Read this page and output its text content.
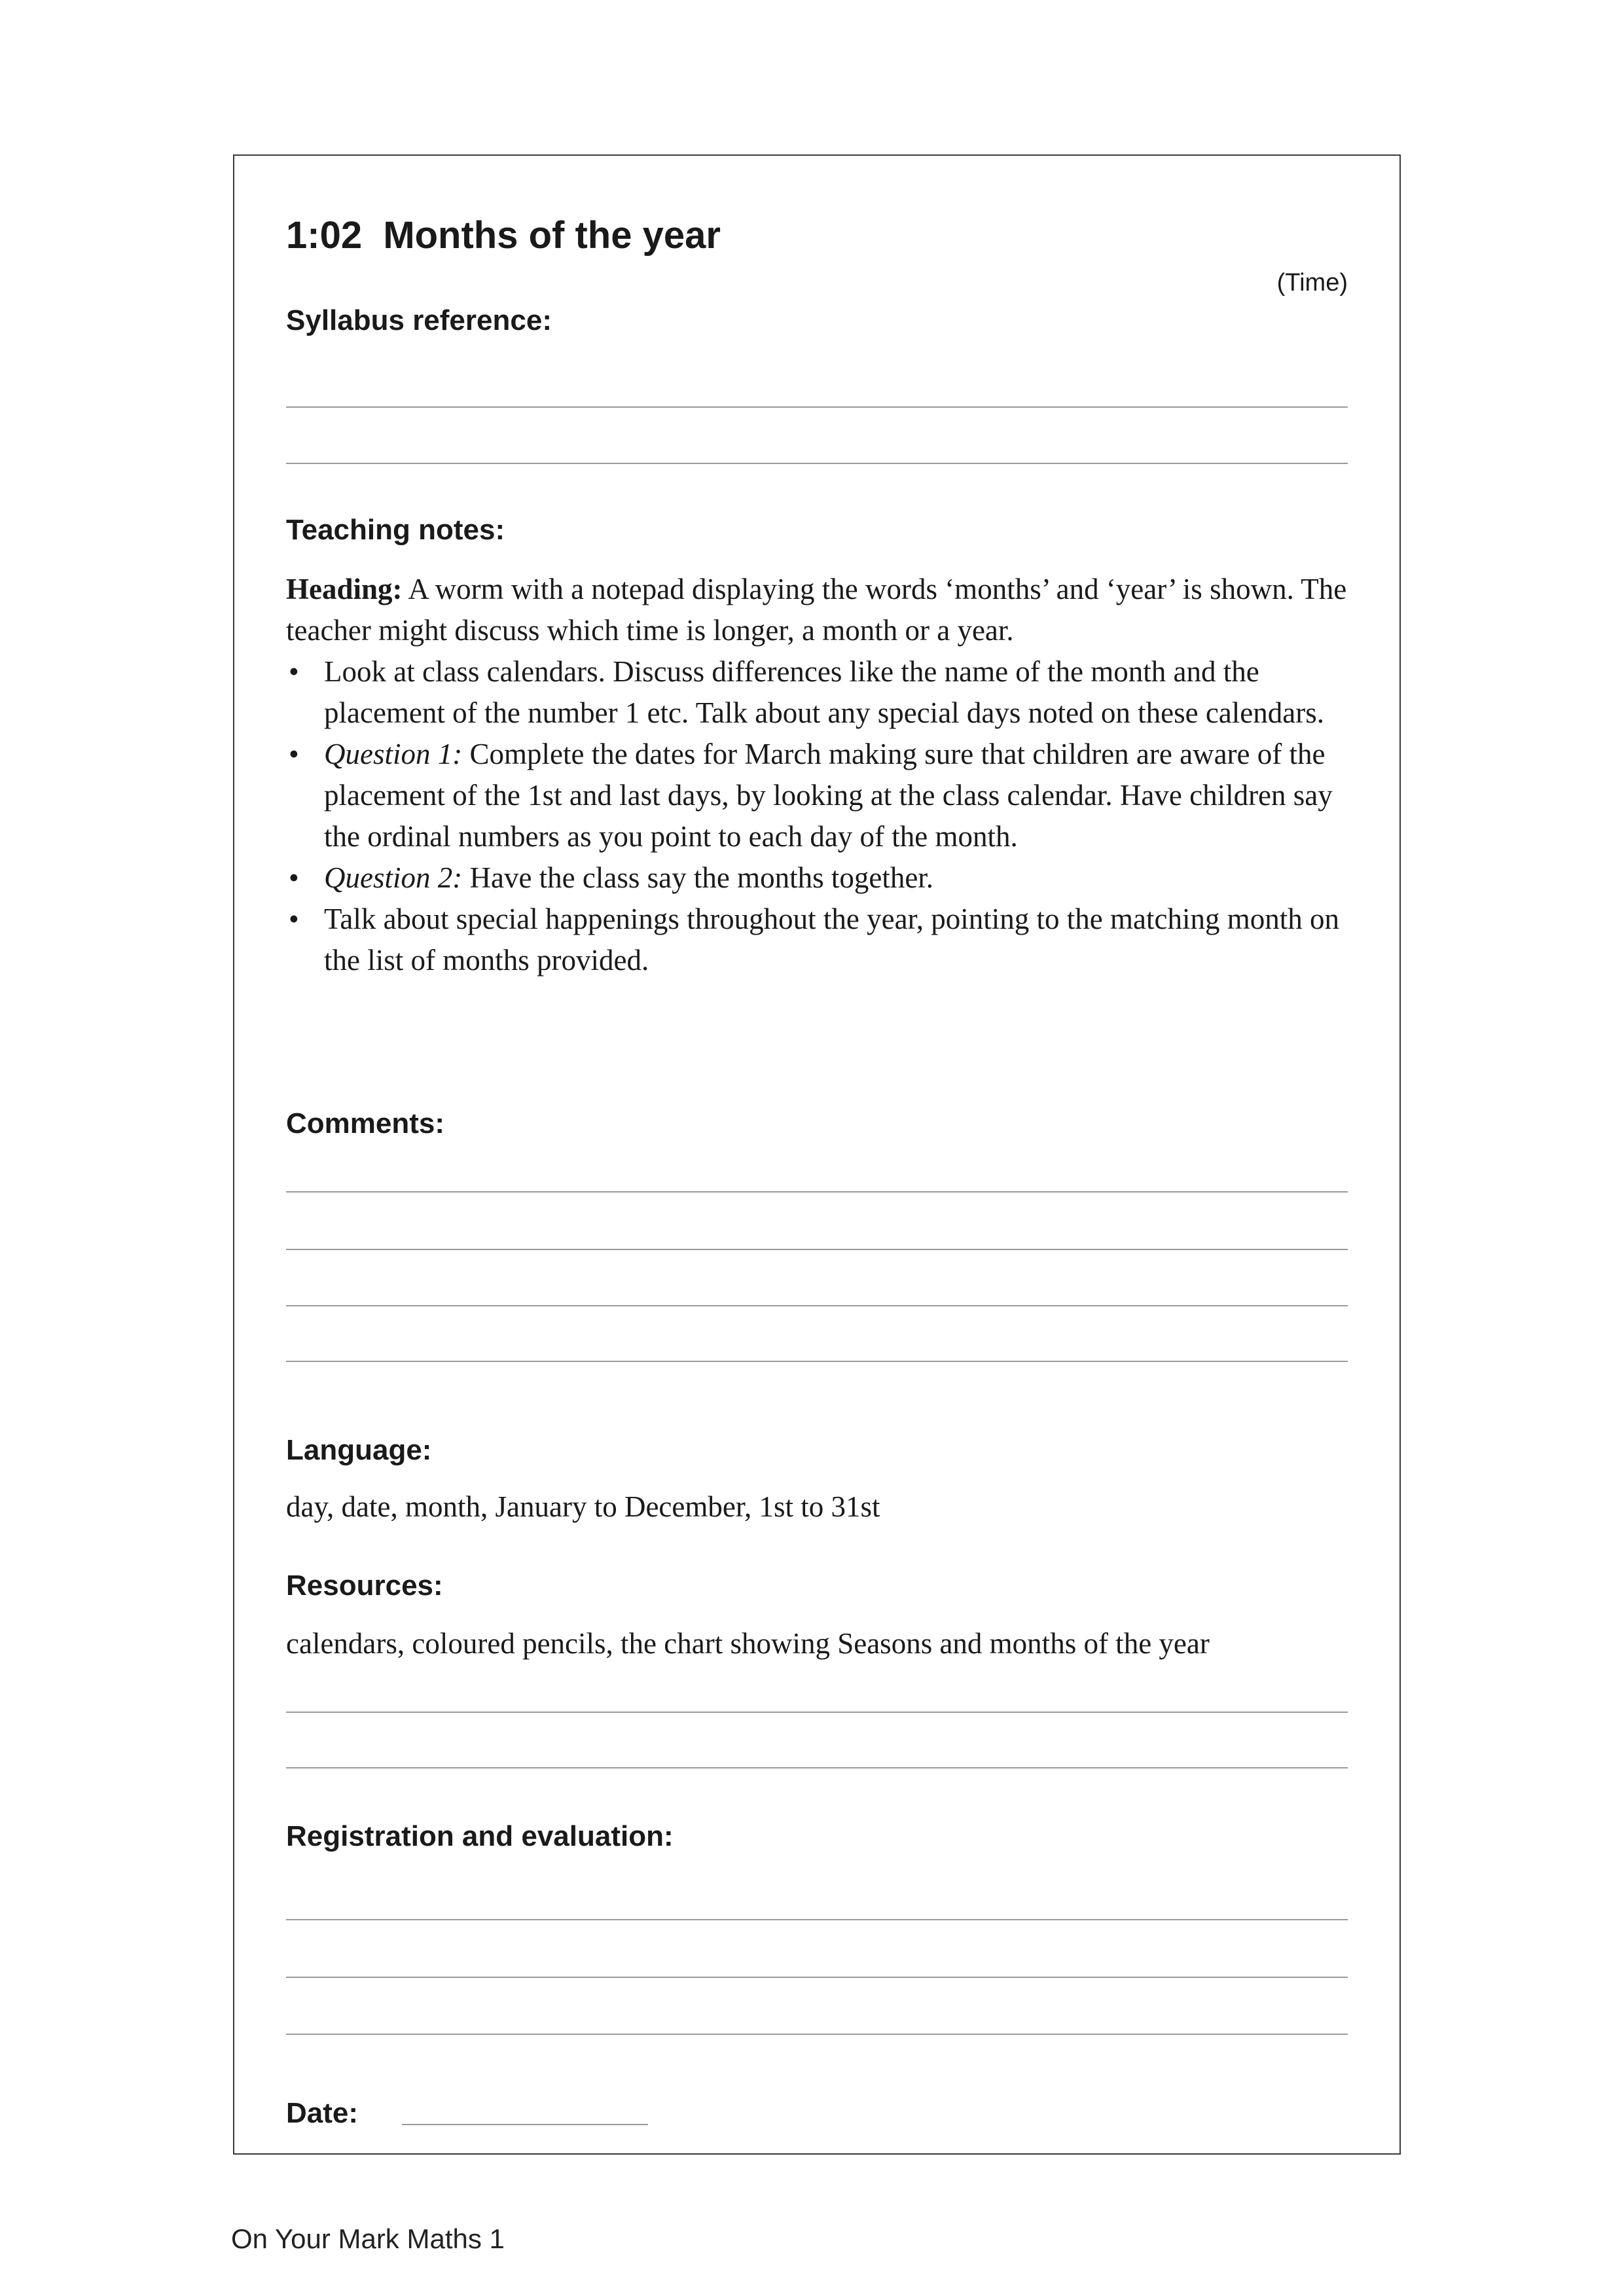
1:02  Months of the year
(Time)
Syllabus reference:
Teaching notes:

Heading: A worm with a notepad displaying the words ‘months’ and ‘year’ is shown. The teacher might discuss which time is longer, a month or a year.

• Look at class calendars. Discuss differences like the name of the month and the placement of the number 1 etc. Talk about any special days noted on these calendars.
• Question 1: Complete the dates for March making sure that children are aware of the placement of the 1st and last days, by looking at the class calendar. Have children say the ordinal numbers as you point to each day of the month.
• Question 2: Have the class say the months together.
• Talk about special happenings throughout the year, pointing to the matching month on the list of months provided.
Comments:
Language:
day, date, month, January to December, 1st to 31st
Resources:
calendars, coloured pencils, the chart showing Seasons and months of the year
Registration and evaluation:
Date:
On Your Mark Maths 1
